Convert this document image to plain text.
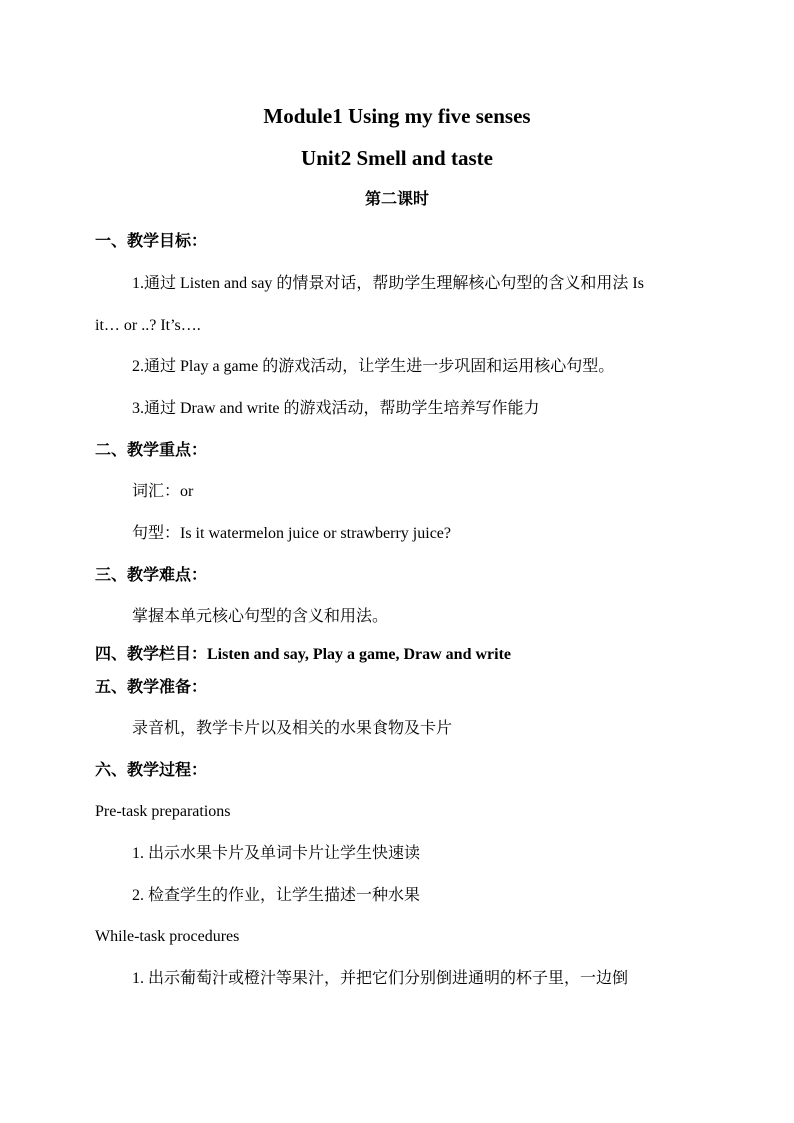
Module1 Using my five senses
Unit2 Smell and taste
第二课时
一、教学目标：
1.通过 Listen and say 的情景对话，帮助学生理解核心句型的含义和用法 Is
it… or ..? It’s….
2.通过 Play a game 的游戏活动，让学生进一步巩固和运用核心句型。
3.通过 Draw and write 的游戏活动，帮助学生培养写作能力
二、教学重点：
词汇：or
句型：Is it watermelon juice or strawberry juice?
三、教学难点：
掌握本单元核心句型的含义和用法。
四、教学栏目：Listen and say, Play a game, Draw and write
五、教学准备：
录音机，教学卡片以及相关的水果食物及卡片
六、教学过程：
Pre-task preparations
1. 出示水果卡片及单词卡片让学生快速读
2. 检查学生的作业，让学生描述一种水果
While-task procedures
1. 出示葡萄汁或橙汁等果汁，并把它们分别倒进通明的杯子里，一边倒
